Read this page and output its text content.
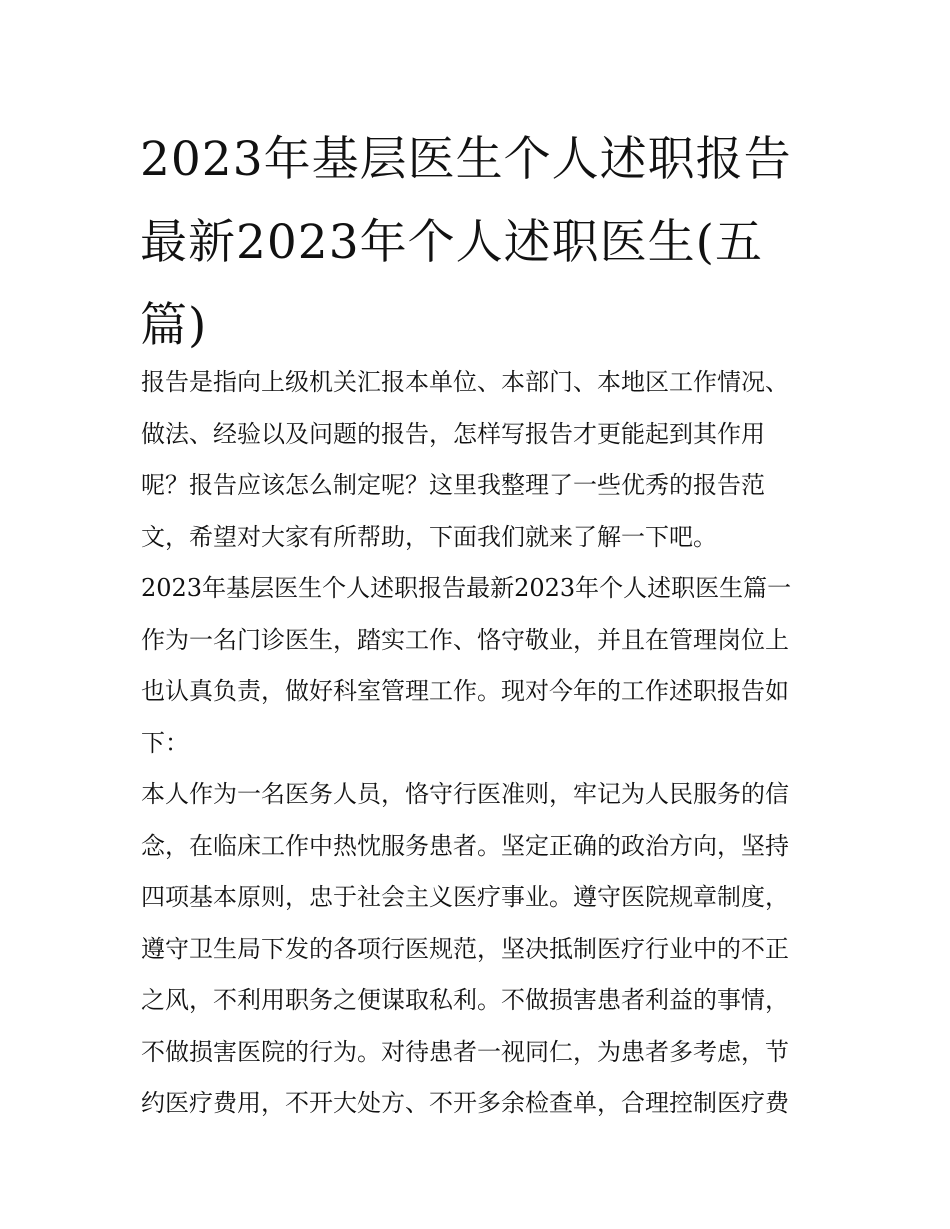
2023年基层医生个人述职报告
最新2023年个人述职医生(五
篇)
报告是指向上级机关汇报本单位、本部门、本地区工作情况、
做法、经验以及问题的报告，怎样写报告才更能起到其作用
呢？报告应该怎么制定呢？这里我整理了一些优秀的报告范
文，希望对大家有所帮助，下面我们就来了解一下吧。
2023年基层医生个人述职报告最新2023年个人述职医生篇一
作为一名门诊医生，踏实工作、恪守敬业，并且在管理岗位上
也认真负责，做好科室管理工作。现对今年的工作述职报告如
下：
本人作为一名医务人员，恪守行医准则，牢记为人民服务的信
念，在临床工作中热忱服务患者。坚定正确的政治方向，坚持
四项基本原则，忠于社会主义医疗事业。遵守医院规章制度，
遵守卫生局下发的各项行医规范，坚决抵制医疗行业中的不正
之风，不利用职务之便谋取私利。不做损害患者利益的事情，
不做损害医院的行为。对待患者一视同仁，为患者多考虑，节
约医疗费用，不开大处方、不开多余检查单，合理控制医疗费
